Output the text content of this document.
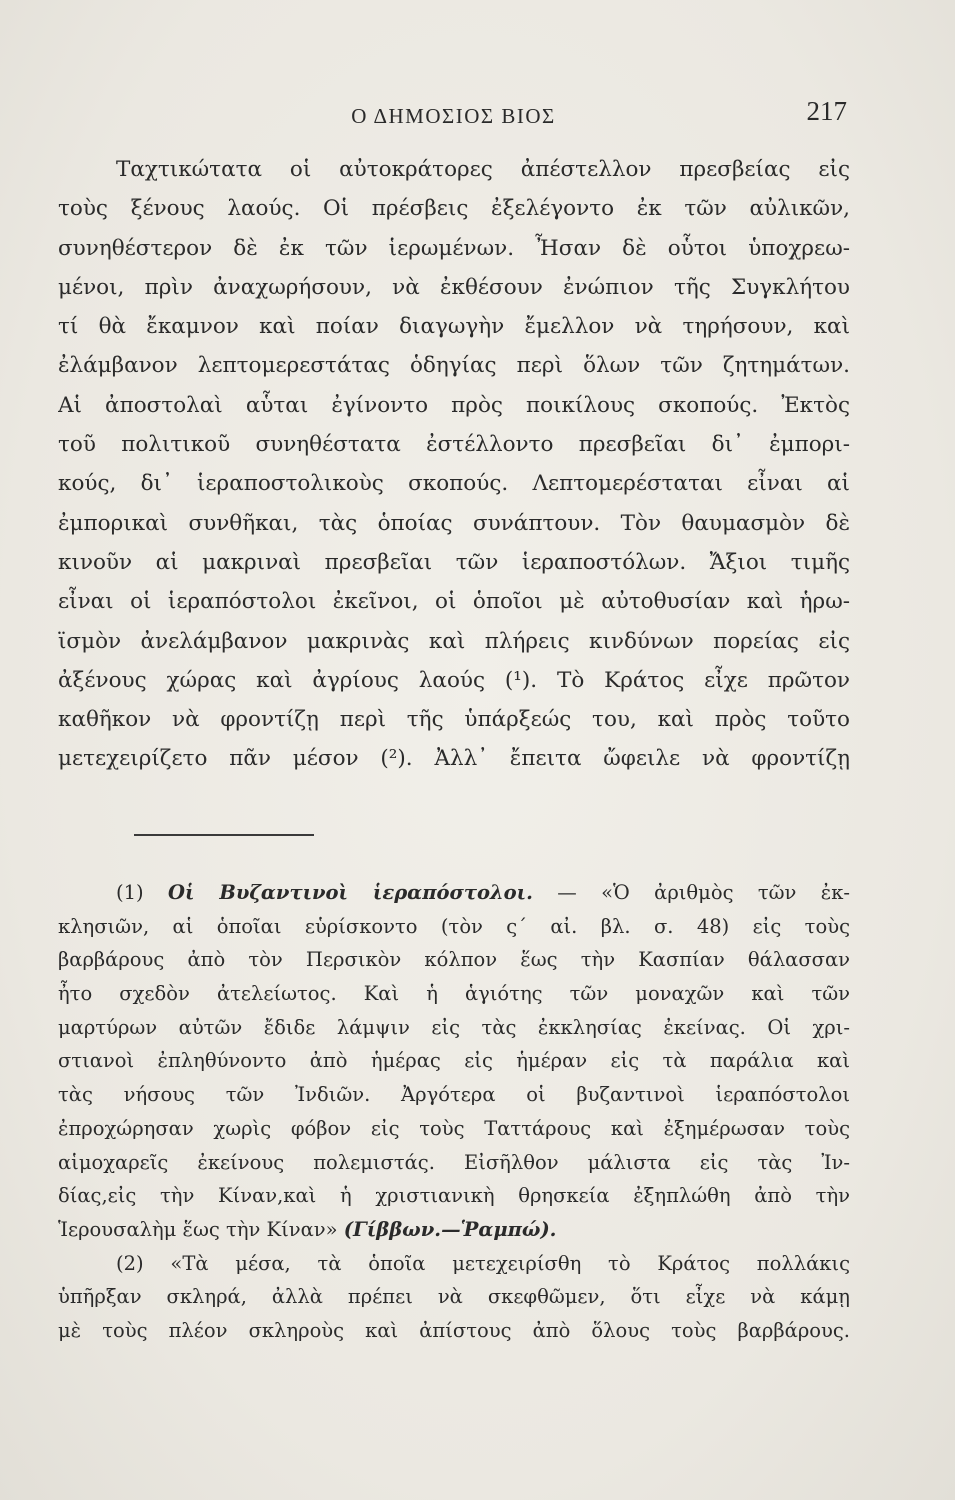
Ο ΔΗΜΟΣΙΟΣ ΒΙΟΣ	217
Ταχτικώτατα οἱ αὐτοκράτορες ἀπέστελλον πρεσβείας εἰς
τοὺς ξένους λαούς. Οἱ πρέσβεις ἐξελέγοντο ἐκ τῶν αὐλικῶν,
συνηθέστερον δὲ ἐκ τῶν ἱερωμένων. Ἦσαν δὲ οὗτοι ὑποχρεω-
μένοι, πρὶν ἀναχωρήσουν, νὰ ἐκθέσουν ἐνώπιον τῆς Συγκλήτου
τί θὰ ἔκαμνον καὶ ποίαν διαγωγὴν ἔμελλον νὰ τηρήσουν, καὶ
ἐλάμβανον λεπτομερεστάτας ὁδηγίας περὶ ὅλων τῶν ζητημάτων.
Αἱ ἀποστολαὶ αὗται ἐγίνοντο πρὸς ποικίλους σκοπούς. Ἐκτὸς
τοῦ πολιτικοῦ συνηθέστατα ἐστέλλοντο πρεσβεῖαι δι᾿ ἐμπορι-
κούς, δι᾿ ἱεραποστολικοὺς σκοπούς. Λεπτομερέσταται εἶναι αἱ
ἐμπορικαὶ συνθῆκαι, τὰς ὁποίας συνάπτουν. Τὸν θαυμασμὸν δὲ
κινοῦν αἱ μακριναὶ πρεσβεῖαι τῶν ἱεραποστόλων. Ἄξιοι τιμῆς
εἶναι οἱ ἱεραπόστολοι ἐκεῖνοι, οἱ ὁποῖοι μὲ αὐτοθυσίαν καὶ ἡρω-
ϊσμὸν ἀνελάμβανον μακρινὰς καὶ πλήρεις κινδύνων πορείας εἰς
ἀξένους χώρας καὶ ἀγρίους λαούς (¹). Τὸ Κράτος εἶχε πρῶτον
καθῆκον νὰ φροντίζῃ περὶ τῆς ὑπάρξεώς του, καὶ πρὸς τοῦτο
μετεχειρίζετο πᾶν μέσον (²). Ἀλλ᾿ ἔπειτα ὤφειλε νὰ φροντίζῃ
(1) Οἱ Βυζαντινοὶ ἱεραπόστολοι. — «Ὁ ἀριθμὸς τῶν ἐκ-
κλησιῶν, αἱ ὁποῖαι εὑρίσκοντο (τὸν ς΄ αἰ. βλ. σ. 48) εἰς τοὺς
βαρβάρους ἀπὸ τὸν Περσικὸν κόλπον ἕως τὴν Κασπίαν θάλασσαν
ἦτο σχεδὸν ἀτελείωτος. Καὶ ἡ ἁγιότης τῶν μοναχῶν καὶ τῶν
μαρτύρων αὐτῶν ἔδιδε λάμψιν εἰς τὰς ἐκκλησίας ἐκείνας. Οἱ χρι-
στιανοὶ ἐπληθύνοντο ἀπὸ ἡμέρας εἰς ἡμέραν εἰς τὰ παράλια καὶ
τὰς νήσους τῶν Ἰνδιῶν. Ἀργότερα οἱ βυζαντινοὶ ἱεραπόστολοι
ἐπροχώρησαν χωρὶς φόβον εἰς τοὺς Ταττάρους καὶ ἐξημέρωσαν τοὺς
αἱμοχαρεῖς ἐκείνους πολεμιστάς. Εἰσῆλθον μάλιστα εἰς τὰς Ἰν-
δίας,εἰς τὴν Κίναν,καὶ ἡ χριστιανικὴ θρησκεία ἐξηπλώθη ἀπὸ τὴν
Ἱερουσαλὴμ ἕως τὴν Κίναν» (Γίββων.—Ῥαμπώ).
(2) «Τὰ μέσα, τὰ ὁποῖα μετεχειρίσθη τὸ Κράτος πολλάκις
ὑπῆρξαν σκληρά, ἀλλὰ πρέπει νὰ σκεφθῶμεν, ὅτι εἶχε νὰ κάμῃ
μὲ τοὺς πλέον σκληροὺς καὶ ἀπίστους ἀπὸ ὅλους τοὺς βαρβάρους.
